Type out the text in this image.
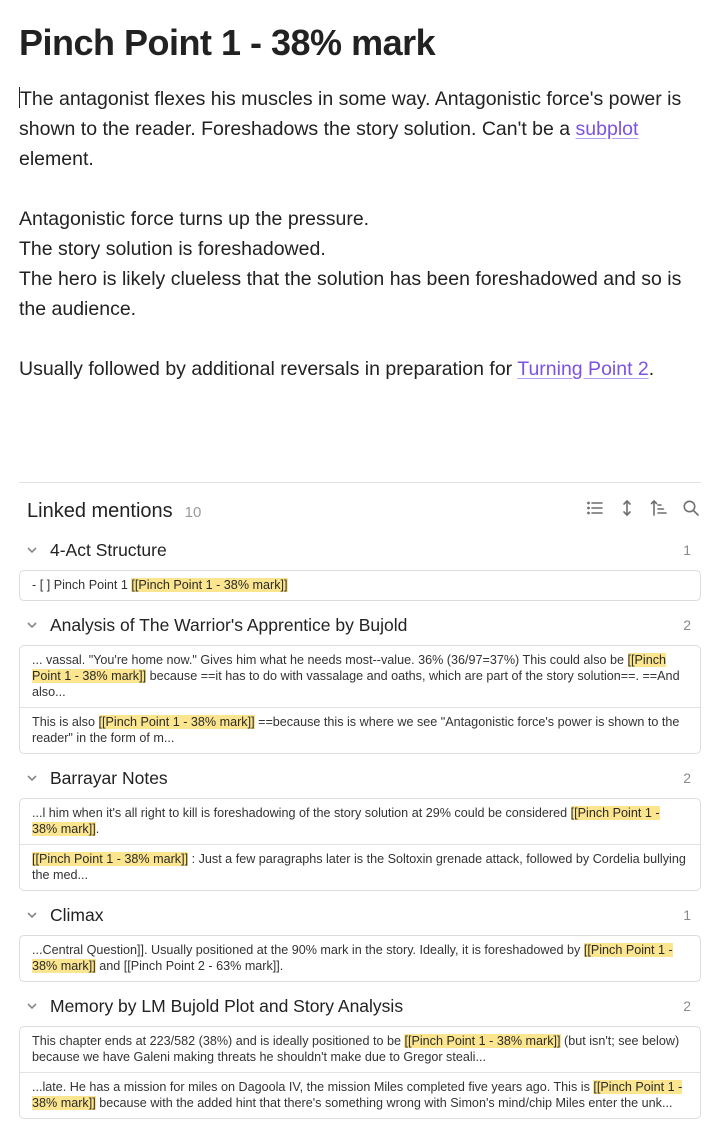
Pinch Point 1 - 38% mark

The antagonist flexes his muscles in some way. Antagonistic force's power is shown to the reader. Foreshadows the story solution. Can't be a subplot
element.

Antagonistic force turns up the pressure.

The story solution is foreshadowed.

The hero is likely clueless that the solution has been foreshadowed and so is the audience.

Usually followed by additional reversals in preparation for Turning Point 2.

Linked mentions 10
4-Act Structure	1
- [ ] Pinch Point 1 [[Pinch Point 1 - 38% mark]]
Analysis of The Warrior's Apprentice by Bujold	2
... vassal. "You're home now." Gives him what he needs most--value. 36% (36/97=37%) This could also be [[Pinch Point 1 - 38% mark]] because ==it has to do with vassalage and oaths, which are part of the story solution==. ==And also...
This is also [[Pinch Point 1 - 38% mark]] ==because this is where we see "Antagonistic force's power is shown to the reader" in the form of m...
Barrayar Notes	2
...l him when it's all right to kill is foreshadowing of the story solution at 29% could be considered [[Pinch Point 1 - 38% mark]].
[[Pinch Point 1 - 38% mark]] : Just a few paragraphs later is the Soltoxin grenade attack, followed by Cordelia bullying the med...
Climax	1
...Central Question]]. Usually positioned at the 90% mark in the story. Ideally, it is foreshadowed by [[Pinch Point 1 - 38% mark]] and [[Pinch Point 2 - 63% mark]].
Memory by LM Bujold Plot and Story Analysis	2
This chapter ends at 223/582 (38%) and is ideally positioned to be [[Pinch Point 1 - 38% mark]] (but isn't; see below) because we have Galeni making threats he shouldn't make due to Gregor steali...
...late. He has a mission for miles on Dagoola IV, the mission Miles completed five years ago. This is [[Pinch Point 1 - 38% mark]] because with the added hint that there's something wrong with Simon's mind/chip Miles enter the unk...
